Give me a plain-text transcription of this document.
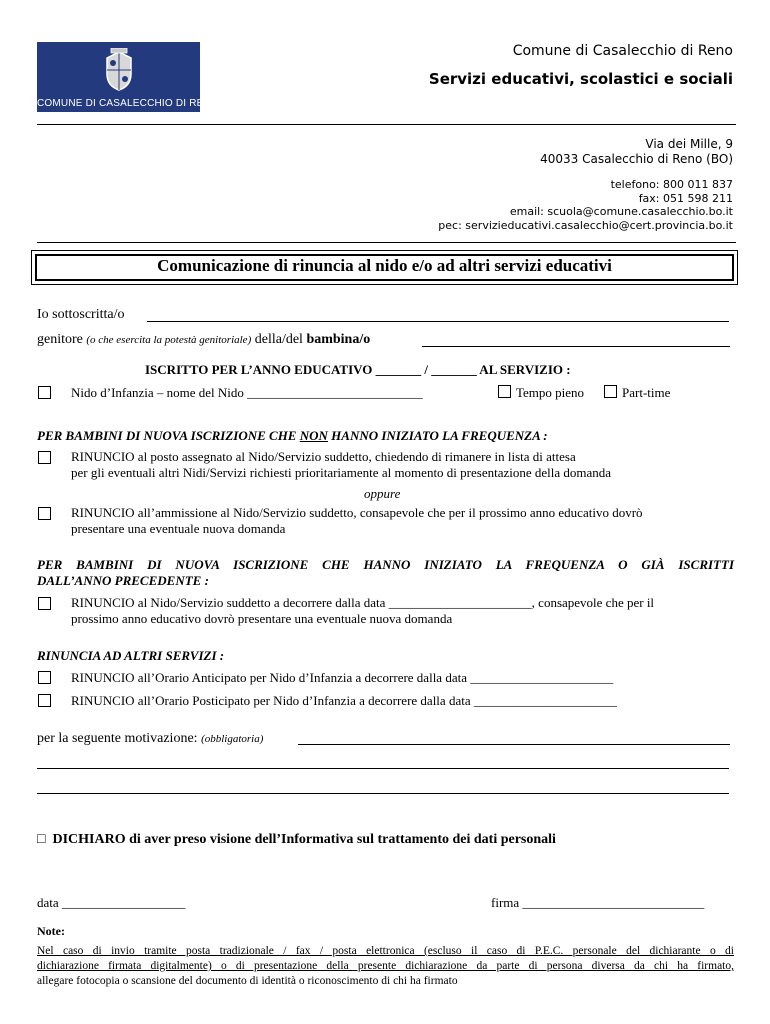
COMUNE DI CASALECCHIO DI RENO
Comune di Casalecchio di Reno
Servizi educativi, scolastici e sociali
Via dei Mille, 9
40033 Casalecchio di Reno (BO)
telefono: 800 011 837
fax: 051 598 211
email: scuola@comune.casalecchio.bo.it
pec: servizieducativi.casalecchio@cert.provincia.bo.it
Comunicazione di rinuncia al nido e/o ad altri servizi educativi
Io sottoscritta/o
genitore (o che esercita la potestà genitoriale) della/del bambina/o
ISCRITTO PER L’ANNO EDUCATIVO _______ / _______ AL SERVIZIO :
Nido d’Infanzia – nome del Nido ___________________________	Tempo pieno	Part-time
PER BAMBINI DI NUOVA ISCRIZIONE CHE NON HANNO INIZIATO LA FREQUENZA :
RINUNCIO al posto assegnato al Nido/Servizio suddetto, chiedendo di rimanere in lista di attesa
per gli eventuali altri Nidi/Servizi richiesti prioritariamente al momento di presentazione della domanda
oppure
RINUNCIO all’ammissione al Nido/Servizio suddetto, consapevole che per il prossimo anno educativo dovrò
presentare una eventuale nuova domanda
PER BAMBINI DI NUOVA ISCRIZIONE CHE HANNO INIZIATO LA FREQUENZA O GIÀ ISCRITTI
DALL’ANNO PRECEDENTE :
RINUNCIO al Nido/Servizio suddetto a decorrere dalla data ______________________, consapevole che per il
prossimo anno educativo dovrò presentare una eventuale nuova domanda
RINUNCIA AD ALTRI SERVIZI :
RINUNCIO all’Orario Anticipato per Nido d’Infanzia a decorrere dalla data ______________________
RINUNCIO all’Orario Posticipato per Nido d’Infanzia a decorrere dalla data ______________________
per la seguente motivazione: (obbligatoria)
□ DICHIARO di aver preso visione dell’Informativa sul trattamento dei dati personali
data ___________________	firma ____________________________
Note:
Nel caso di invio tramite posta tradizionale / fax / posta elettronica (escluso il caso di P.E.C. personale del dichiarante o di
dichiarazione firmata digitalmente) o di presentazione della presente dichiarazione da parte di persona diversa da chi ha firmato,
allegare fotocopia o scansione del documento di identità o riconoscimento di chi ha firmato
